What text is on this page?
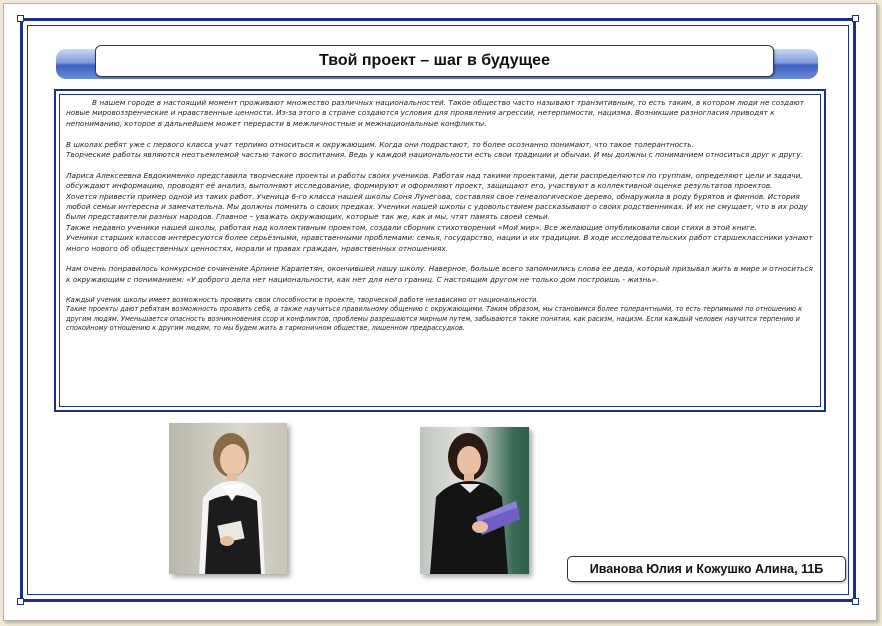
Твой проект – шаг в будущее

В нашем городе в настоящий момент проживают множество различных национальностей. Такое общество часто называют транзитивным, то есть таким, в котором люди не создают новые мировоззренческие и нравственные ценности. Из-за этого в стране создаются условия для проявления агрессии, нетерпимости, нацизма. Возникшие разногласия приводят к непониманию, которое в дальнейшем может перерасти в межличностные и межнациональные конфликты.

В школах ребят уже с первого класса учат терпимо относиться к окружающим. Когда они подрастают, то более осознанно понимают, что такое толерантность.

Творческие работы являются неотъемлемой частью такого воспитания. Ведь у каждой национальности есть свои традиции и обычаи. И мы должны с пониманием относиться друг к другу.

Лариса Алексеевна Евдокименко представила творческие проекты и работы своих учеников. Работая над такими проектами, дети распределяются по группам, определяют цели и задачи, обсуждают информацию, проводят её анализ, выполняют исследование, формируют и оформляют проект, защищают его, участвуют в коллективной оценке результатов проектов.

Хочется привести пример одной из таких работ. Ученица 6-го класса нашей школы Соня Лунегова, составляя свое генеалогическое дерево, обнаружила в роду бурятов и финнов. История любой семьи интересна и замечательна. Мы должны помнить о своих предках. Ученики нашей школы с удовольствием рассказывают о своих родственниках. И их не смущает, что в их роду были представители разных народов. Главное – уважать окружающих, которые так же, как и мы, чтят память своей семьи.

Также недавно ученики нашей школы, работая над коллективным проектом, создали сборник стихотворений «Мой мир». Все желающие опубликовали свои стихи в этой книге.

Ученики старших классов интересуются более серьёзными, нравственными проблемами: семья, государство, нации и их традиции. В ходе исследовательских работ старшеклассники узнают много нового об общественных ценностях, морали и правах граждан, нравственных отношениях.

Нам очень понравилось конкурсное сочинение Арпине Карапетян, окончившей нашу школу. Наверное, больше всего запомнились слова ее деда, который призывал жить в мире и относиться к окружающим с пониманием: «У доброго дела нет национальности, как нет для него границ. С настоящим другом не только дом построишь - жизнь».

Каждый ученик школы имеет возможность проявить свои способности в проекте, творческой работе независимо от национальности.

Такие проекты дают ребятам возможность проявить себя, а также научиться правильному общению с окружающими. Таким образом, мы становимся более толерантными, то есть терпимыми по отношению к другим людям. Уменьшается опасность возникновения ссор и конфликтов, проблемы разрешаются мирным путем, забываются такие понятия, как расизм, нацизм. Если каждый человек научится терпению и спокойному отношению к другим людям, то мы будем жить в гармоничном обществе, лишенном предрассудков.

Иванова Юлия и Кожушко Алина, 11Б
